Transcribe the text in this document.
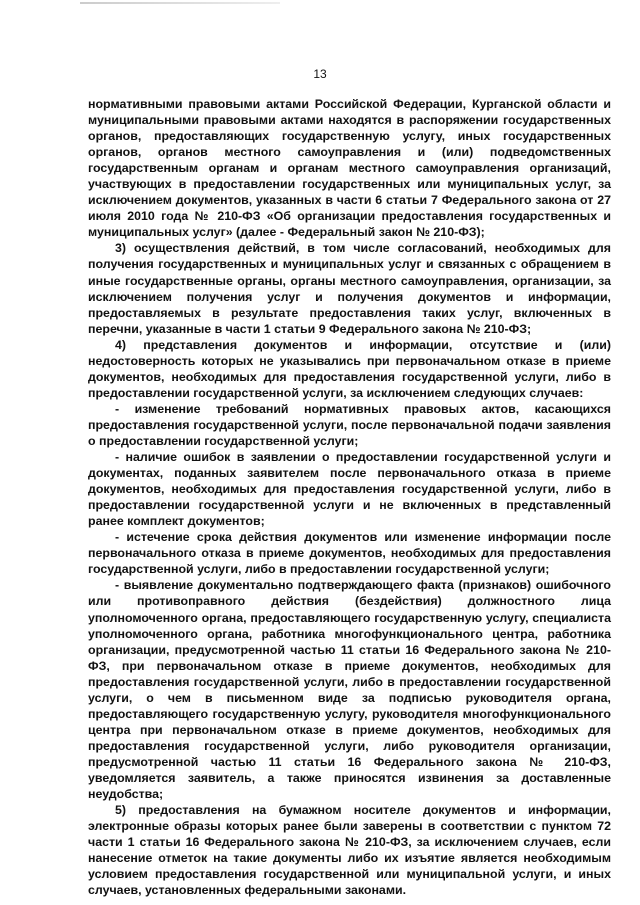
13

нормативными правовыми актами Российской Федерации, Курганской области и муниципальными правовыми актами находятся в распоряжении государственных органов, предоставляющих государственную услугу, иных государственных органов, органов местного самоуправления и (или) подведомственных государственным органам и органам местного самоуправления организаций, участвующих в предоставлении государственных или муниципальных услуг, за исключением документов, указанных в части 6 статьи 7 Федерального закона от 27 июля 2010 года № 210-ФЗ «Об организации предоставления государственных и муниципальных услуг» (далее - Федеральный закон № 210-ФЗ);

3) осуществления действий, в том числе согласований, необходимых для получения государственных и муниципальных услуг и связанных с обращением в иные государственные органы, органы местного самоуправления, организации, за исключением получения услуг и получения документов и информации, предоставляемых в результате предоставления таких услуг, включенных в перечни, указанные в части 1 статьи 9 Федерального закона № 210-ФЗ;

4) представления документов и информации, отсутствие и (или) недостоверность которых не указывались при первоначальном отказе в приеме документов, необходимых для предоставления государственной услуги, либо в предоставлении государственной услуги, за исключением следующих случаев:

- изменение требований нормативных правовых актов, касающихся предоставления государственной услуги, после первоначальной подачи заявления о предоставлении государственной услуги;

- наличие ошибок в заявлении о предоставлении государственной услуги и документах, поданных заявителем после первоначального отказа в приеме документов, необходимых для предоставления государственной услуги, либо в предоставлении государственной услуги и не включенных в представленный ранее комплект документов;

- истечение срока действия документов или изменение информации после первоначального отказа в приеме документов, необходимых для предоставления государственной услуги, либо в предоставлении государственной услуги;

- выявление документально подтверждающего факта (признаков) ошибочного или противоправного действия (бездействия) должностного лица уполномоченного органа, предоставляющего государственную услугу, специалиста уполномоченного органа, работника многофункционального центра, работника организации, предусмотренной частью 11 статьи 16 Федерального закона № 210-ФЗ, при первоначальном отказе в приеме документов, необходимых для предоставления государственной услуги, либо в предоставлении государственной услуги, о чем в письменном виде за подписью руководителя органа, предоставляющего государственную услугу, руководителя многофункционального центра при первоначальном отказе в приеме документов, необходимых для предоставления государственной услуги, либо руководителя организации, предусмотренной частью 11 статьи 16 Федерального закона № 210-ФЗ, уведомляется заявитель, а также приносятся извинения за доставленные неудобства;

5) предоставления на бумажном носителе документов и информации, электронные образы которых ранее были заверены в соответствии с пунктом 72 части 1 статьи 16 Федерального закона № 210-ФЗ, за исключением случаев, если нанесение отметок на такие документы либо их изъятие является необходимым условием предоставления государственной или муниципальной услуги, и иных случаев, установленных федеральными законами.
